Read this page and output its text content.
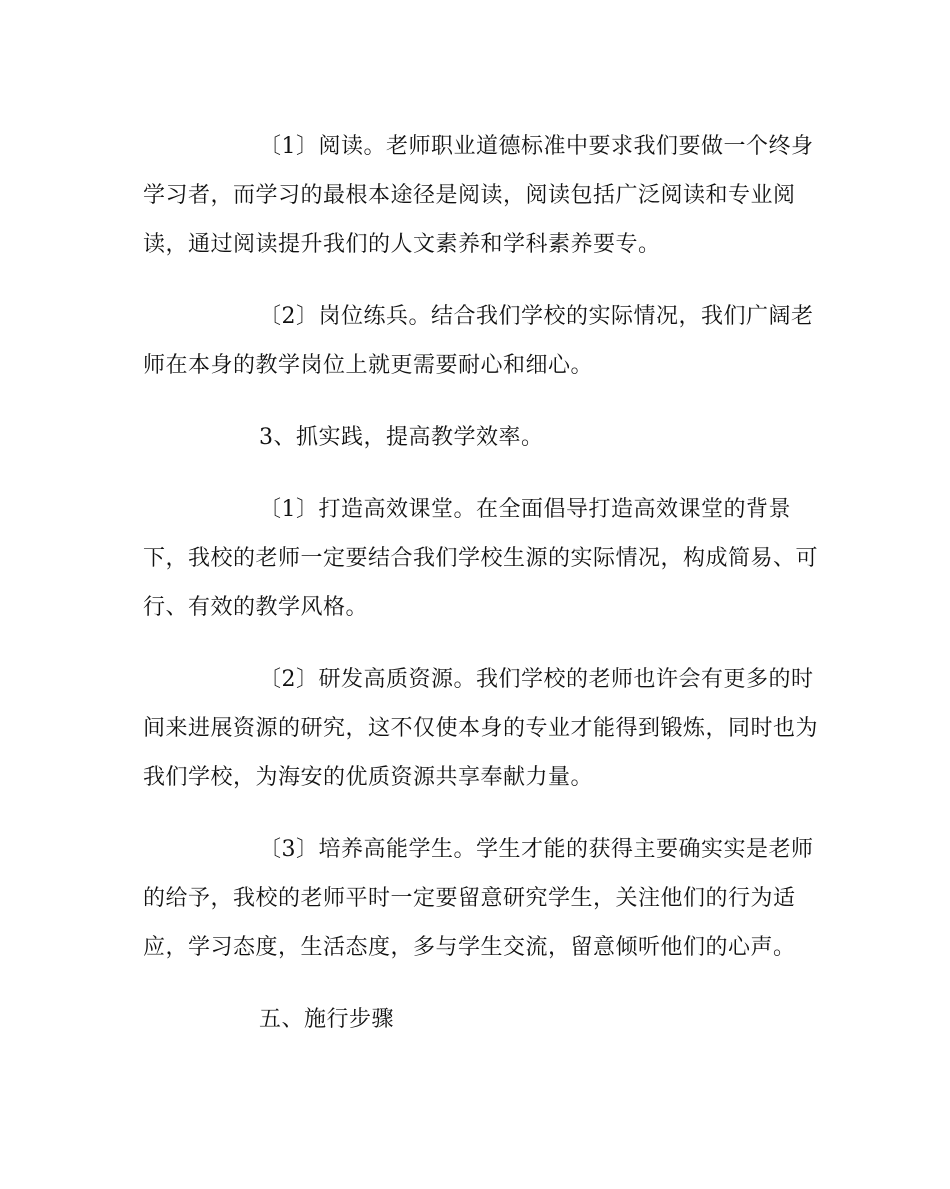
〔1〕阅读。老师职业道德标准中要求我们要做一个终身
学习者，而学习的最根本途径是阅读，阅读包括广泛阅读和专业阅
读，通过阅读提升我们的人文素养和学科素养要专。
〔2〕岗位练兵。结合我们学校的实际情况，我们广阔老
师在本身的教学岗位上就更需要耐心和细心。
3、抓实践，提高教学效率。
〔1〕打造高效课堂。在全面倡导打造高效课堂的背景
下，我校的老师一定要结合我们学校生源的实际情况，构成简易、可
行、有效的教学风格。
〔2〕研发高质资源。我们学校的老师也许会有更多的时
间来进展资源的研究，这不仅使本身的专业才能得到锻炼，同时也为
我们学校，为海安的优质资源共享奉献力量。
〔3〕培养高能学生。学生才能的获得主要确实实是老师
的给予，我校的老师平时一定要留意研究学生，关注他们的行为适
应，学习态度，生活态度，多与学生交流，留意倾听他们的心声。
五、施行步骤
